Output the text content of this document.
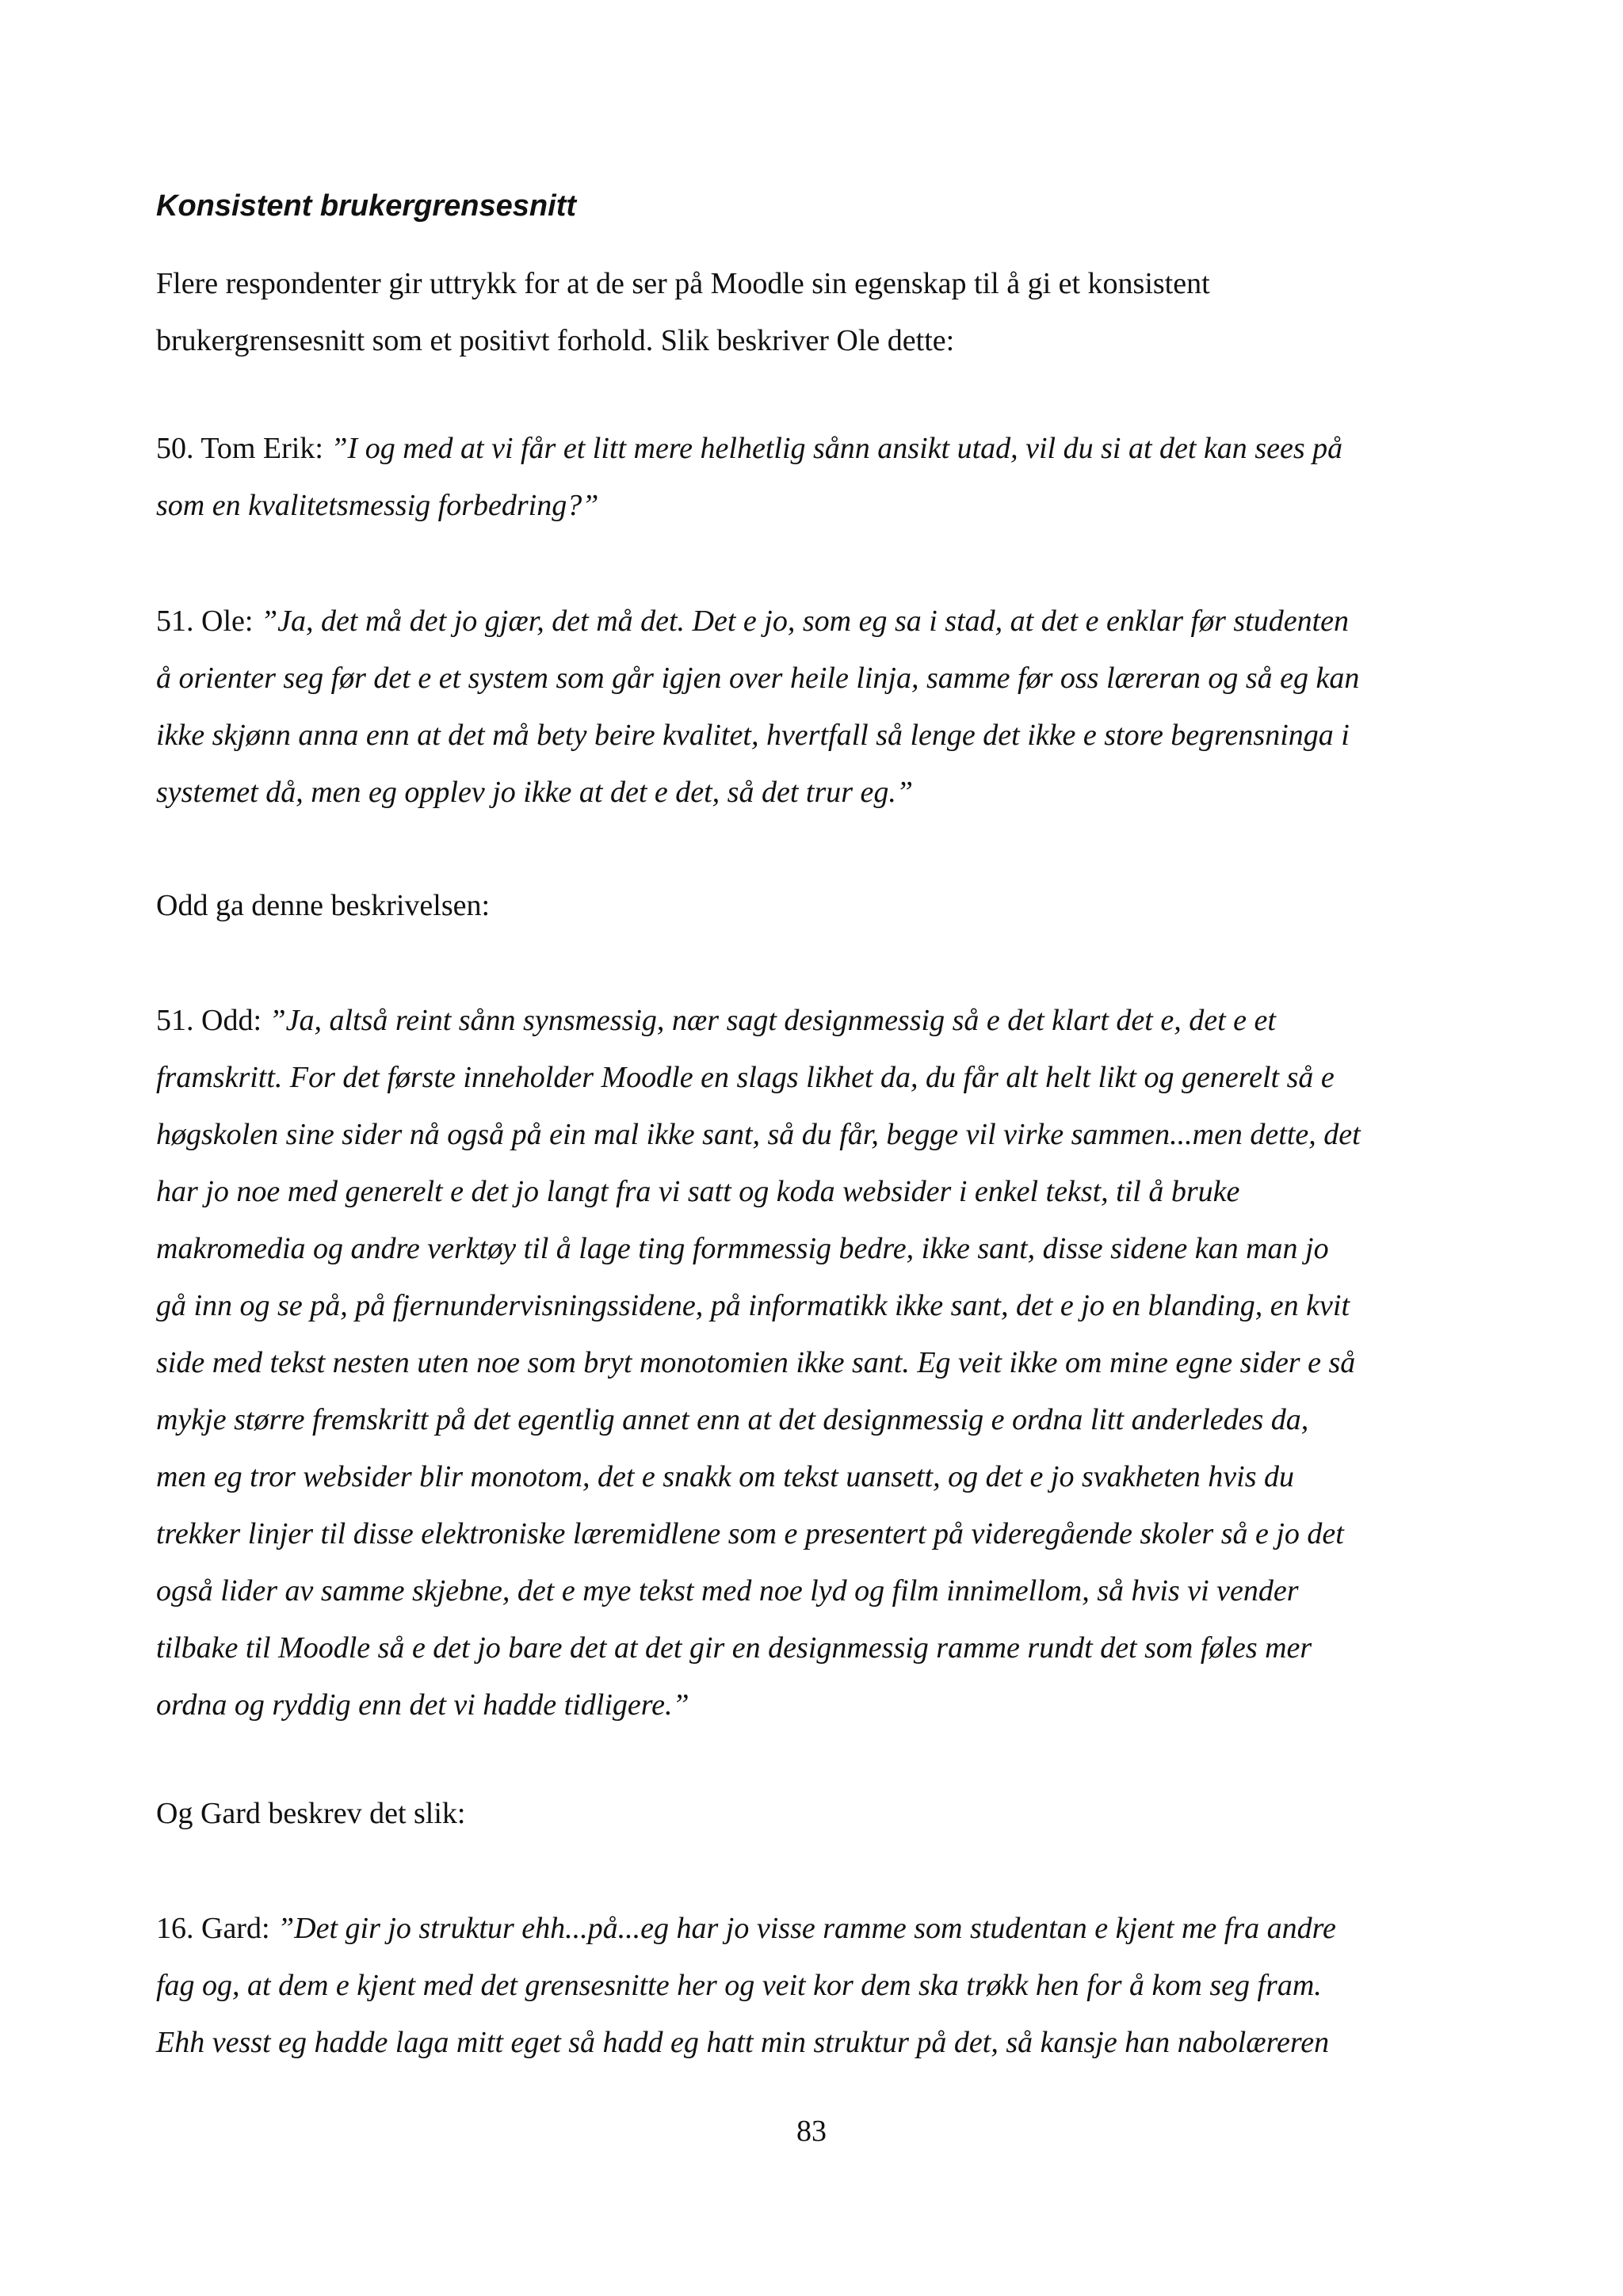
Konsistent brukergrensesnitt

Flere respondenter gir uttrykk for at de ser på Moodle sin egenskap til å gi et konsistent
brukergrensesnitt som et positivt forhold. Slik beskriver Ole dette:

50. Tom Erik: ”I og med at vi får et litt mere helhetlig sånn ansikt utad, vil du si at det kan sees på
som en kvalitetsmessig forbedring?”

51. Ole: ”Ja, det må det jo gjær, det må det. Det e jo, som eg sa i stad, at det e enklar før studenten
å orienter seg før det e et system som går igjen over heile linja, samme før oss læreran og så eg kan
ikke skjønn anna enn at det må bety beire kvalitet, hvertfall så lenge det ikke e store begrensninga i
systemet då, men eg opplev jo ikke at det e det, så det trur eg.”

Odd ga denne beskrivelsen:

51. Odd: ”Ja, altså reint sånn synsmessig, nær sagt designmessig så e det klart det e, det e et
framskritt. For det første inneholder Moodle en slags likhet da, du får alt helt likt og generelt så e
høgskolen sine sider nå også på ein mal ikke sant, så du får, begge vil virke sammen...men dette, det
har jo noe med generelt e det jo langt fra vi satt og koda websider i enkel tekst, til å bruke
makromedia og andre verktøy til å lage ting formmessig bedre, ikke sant, disse sidene kan man jo
gå inn og se på, på fjernundervisningssidene, på informatikk ikke sant, det e jo en blanding, en kvit
side med tekst nesten uten noe som bryt monotomien ikke sant. Eg veit ikke om mine egne sider e så
mykje større fremskritt på det egentlig annet enn at det designmessig e ordna litt anderledes da,
men eg tror websider blir monotom, det e snakk om tekst uansett, og det e jo svakheten hvis du
trekker linjer til disse elektroniske læremidlene som e presentert på videregående skoler så e jo det
også lider av samme skjebne, det e mye tekst med noe lyd og film innimellom, så hvis vi vender
tilbake til Moodle så e det jo bare det at det gir en designmessig ramme rundt det som føles mer
ordna og ryddig enn det vi hadde tidligere.”

Og Gard beskrev det slik:

16. Gard: ”Det gir jo struktur ehh...på...eg har jo visse ramme som studentan e kjent me fra andre
fag og, at dem e kjent med det grensesnitte her og veit kor dem ska trøkk hen for å kom seg fram.
Ehh vesst eg hadde laga mitt eget så hadd eg hatt min struktur på det, så kansje han nabolæreren

83
